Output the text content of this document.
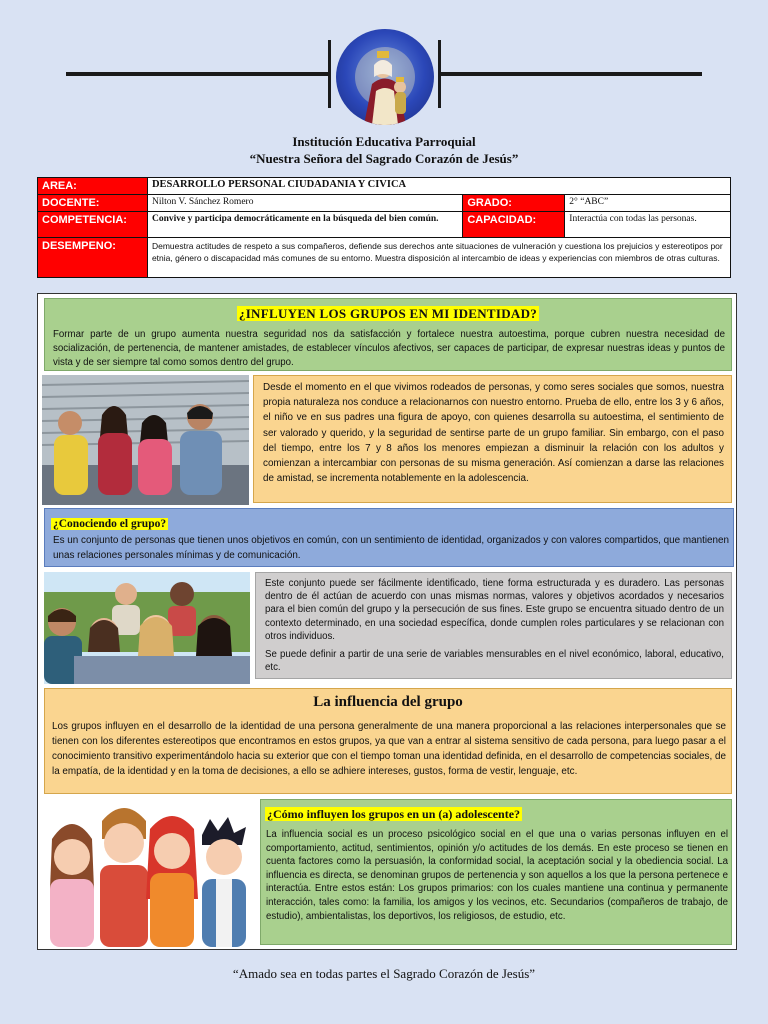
Institución Educativa Parroquial
“Nuestra Señora del Sagrado Corazón de Jesús”
AREA:	DESARROLLO PERSONAL CIUDADANIA Y CIVICA		
DOCENTE:	Nilton V. Sánchez Romero	GRADO:	2° “ABC”
COMPETENCIA:	Convive y participa democráticamente en la búsqueda del bien común.	CAPACIDAD:	Interactúa con todas las personas.
DESEMPENO:	Demuestra actitudes de respeto a sus compañeros, defiende sus derechos ante situaciones de vulneración y cuestiona los prejuicios y estereotipos por etnia, género o discapacidad más comunes de su entorno. Muestra disposición al intercambio de ideas y experiencias con miembros de otras culturas.		
¿INFLUYEN LOS GRUPOS EN MI IDENTIDAD?
Formar parte de un grupo aumenta nuestra seguridad nos da satisfacción y fortalece nuestra autoestima, porque cubren nuestra necesidad de socialización, de pertenencia, de mantener amistades, de establecer vínculos afectivos, ser capaces de participar, de expresar nuestras ideas y puntos de vista y de ser siempre tal como somos dentro del grupo.
Desde el momento en el que vivimos rodeados de personas, y como seres sociales que somos, nuestra propia naturaleza nos conduce a relacionarnos con nuestro entorno. Prueba de ello, entre los 3 y 6 años, el niño ve en sus padres una figura de apoyo, con quienes desarrolla su autoestima, el sentimiento de ser valorado y querido, y la seguridad de sentirse parte de un grupo familiar. Sin embargo, con el paso del tiempo, entre los 7 y 8 años los menores empiezan a disminuir la relación con los adultos y comienzan a intercambiar con personas de su misma generación. Así comienzan a darse las relaciones de amistad, se incrementa notablemente en la adolescencia.
¿Conociendo el grupo?
Es un conjunto de personas que tienen unos objetivos en común, con un sentimiento de identidad, organizados y con valores compartidos, que mantienen unas relaciones personales mínimas y de comunicación.
Este conjunto puede ser fácilmente identificado, tiene forma estructurada y es duradero. Las personas dentro de él actúan de acuerdo con unas mismas normas, valores y objetivos acordados y necesarios para el bien común del grupo y la persecución de sus fines. Este grupo se encuentra situado dentro de un contexto determinado, en una sociedad específica, donde cumplen roles particulares y se relacionan con otros individuos.
Se puede definir a partir de una serie de variables mensurables en el nivel económico, laboral, educativo, etc.
La influencia del grupo
Los grupos influyen en el desarrollo de la identidad de una persona generalmente de una manera proporcional a las relaciones interpersonales que se tienen con los diferentes estereotipos que encontramos en estos grupos, ya que van a entrar al sistema sensitivo de cada persona, para luego pasar a el conocimiento transitivo experimentándolo hacia su exterior que con el tiempo toman una identidad definida, en el desarrollo de competencias sociales, de la empatía, de la identidad y en la toma de decisiones, a ello se adhiere intereses, gustos, forma de vestir, lenguaje, etc.
¿Cómo influyen los grupos en un (a) adolescente?
La influencia social es un proceso psicológico social en el que una o varias personas influyen en el comportamiento, actitud, sentimientos, opinión y/o actitudes de los demás. En este proceso se tienen en cuenta factores como la persuasión, la conformidad social, la aceptación social y la obediencia social. La influencia es directa, se denominan grupos de pertenencia y son aquellos a los que la persona pertenece e interactúa. Entre estos están: Los grupos primarios: con los cuales mantiene una continua y permanente interacción, tales como: la familia, los amigos y los vecinos, etc. Secundarios (compañeros de trabajo, de estudio), ambientalistas, los deportivos, los religiosos, de estudio, etc.
“Amado sea en todas partes el Sagrado Corazón de Jesús”
